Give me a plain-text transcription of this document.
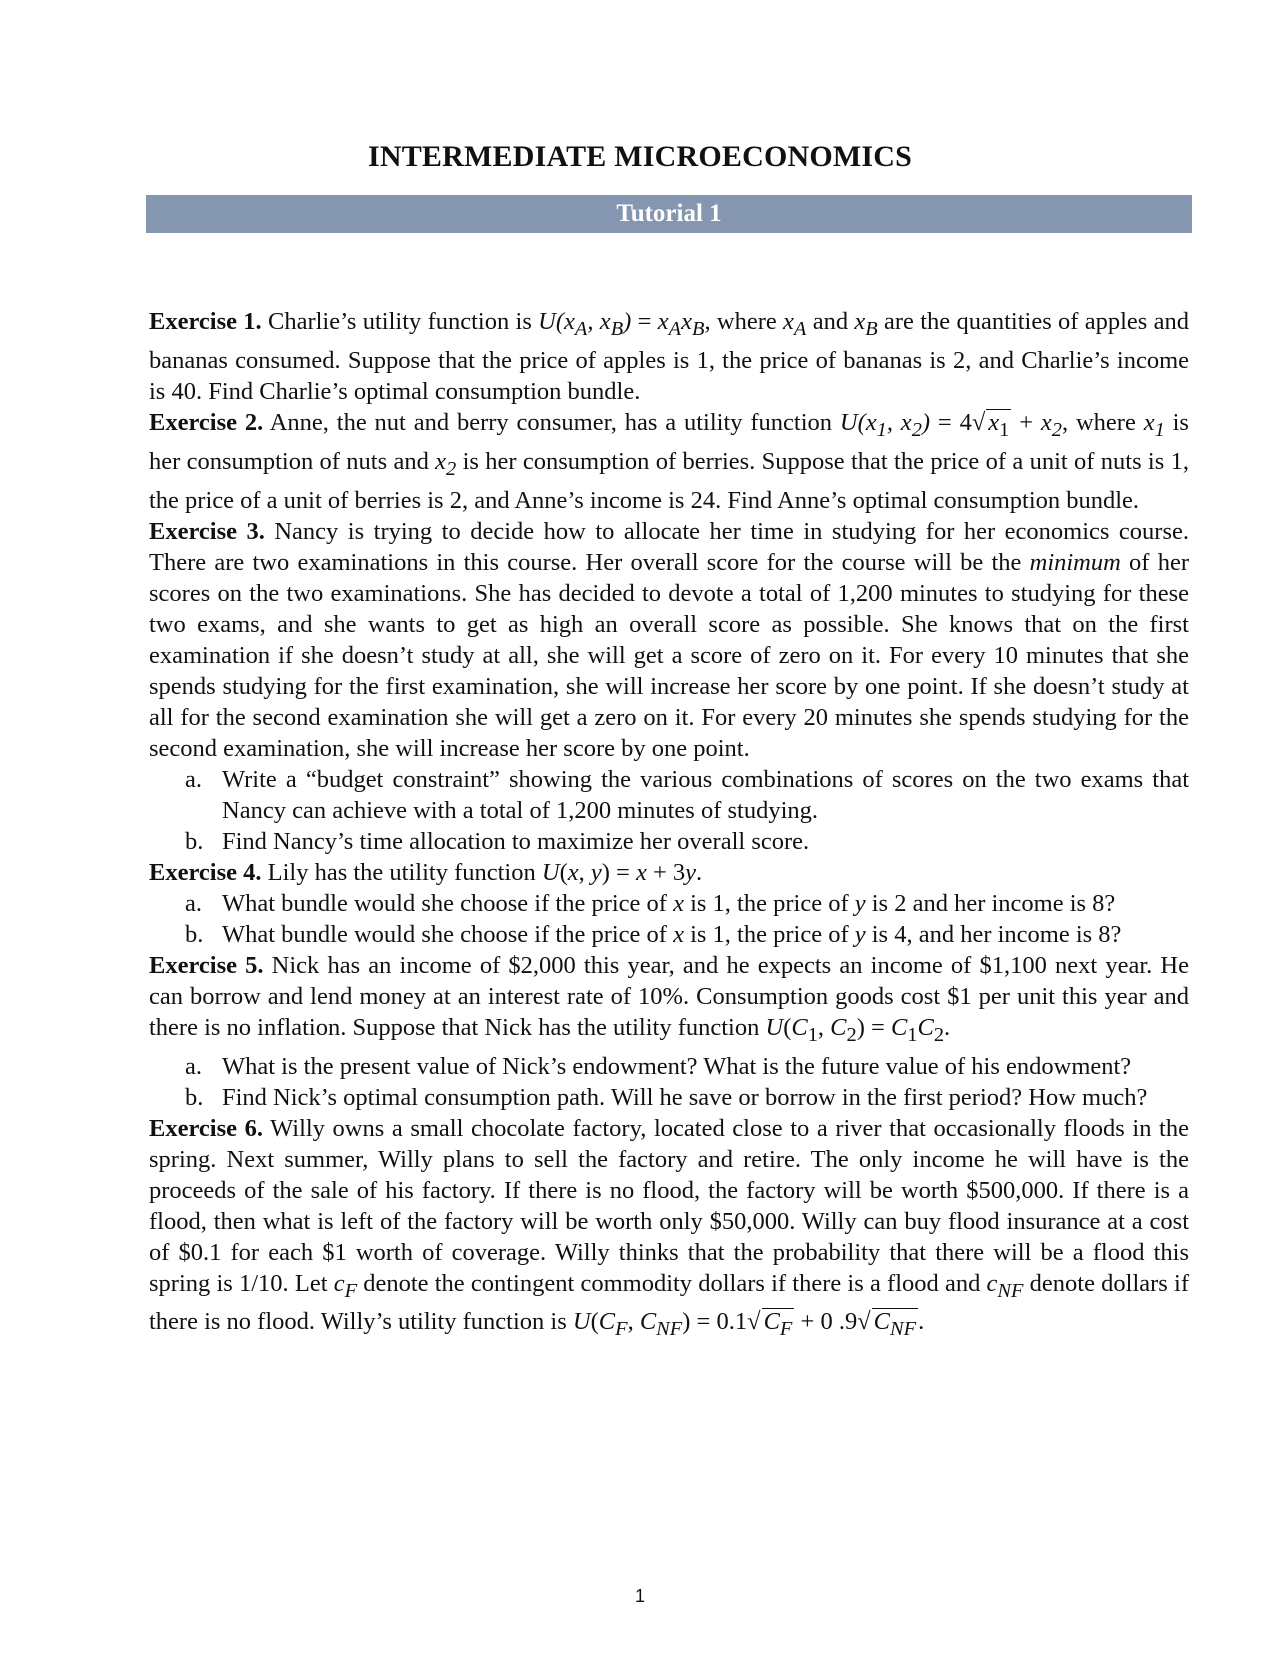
INTERMEDIATE MICROECONOMICS
Tutorial 1

Exercise 1. Charlie’s utility function is $U(x_A$, $x_B) = x_Ax_B$, where $x_A$ and $x_B$ are the quantities of apples and bananas consumed. Suppose that the price of apples is 1, the price of bananas is 2, and Charlie’s income is 40. Find Charlie’s optimal consumption bundle.

Exercise 2. Anne, the nut and berry consumer, has a utility function $U(x_1$, $x_2) = 4√$ $x_1 + x_2$, where $x_1$ is her consumption of nuts and $x_2$ is her consumption of berries. Suppose that the price of a unit of nuts is 1, the price of a unit of berries is 2, and Anne’s income is 24. Find Anne’s optimal consumption bundle.

Exercise 3. Nancy is trying to decide how to allocate her time in studying for her economics course. There are two examinations in this course. Her overall score for the course will be the minimum of her scores on the two examinations. She has decided to devote a total of 1,200 minutes to studying for these two exams, and she wants to get as high an overall score as possible. She knows that on the first examination if she doesn’t study at all, she will get a score of zero on it. For every 10 minutes that she spends studying for the first examination, she will increase her score by one point. If she doesn’t study at all for the second examination she will get a zero on it. For every 20 minutes she spends studying for the second examination, she will increase her score by one point.

a. Write a “budget constraint” showing the various combinations of scores on the two exams that Nancy can achieve with a total of 1,200 minutes of studying.
b. Find Nancy’s time allocation to maximize her overall score.

Exercise 4. Lily has the utility function U(x, y) = x + 3y.

a. What bundle would she choose if the price of x is 1, the price of y is 2 and her income is 8?
b. What bundle would she choose if the price of x is 1, the price of y is 4, and her income is 8?

Exercise 5. Nick has an income of $2,000 this year, and he expects an income of $1,100 next year. He can borrow and lend money at an interest rate of 10%. Consumption goods cost $1 per unit this year and there is no inflation. Suppose that Nick has the utility function $U(C_1$, $C_2) = C_1C_2$.

a. What is the present value of Nick’s endowment? What is the future value of his endowment?
b. Find Nick’s optimal consumption path. Will he save or borrow in the first period? How much?

Exercise 6. Willy owns a small chocolate factory, located close to a river that occasionally floods in the spring. Next summer, Willy plans to sell the factory and retire. The only income he will have is the proceeds of the sale of his factory. If there is no flood, the factory will be worth $500,000. If there is a flood, then what is left of the factory will be worth only $50,000. Willy can buy flood insurance at a cost of $0.1 for each $1 worth of coverage. Willy thinks that the probability that there will be a flood this spring is 1/10. Let $c_F$ denote the contingent commodity dollars if there is a flood and $c_{NF}$ denote dollars if there is no flood. Willy’s utility function is $U(C_F$, $C_{NF}) = 0.1√$ $C_F + 0$ .9√ $C_{NF}$.

1
